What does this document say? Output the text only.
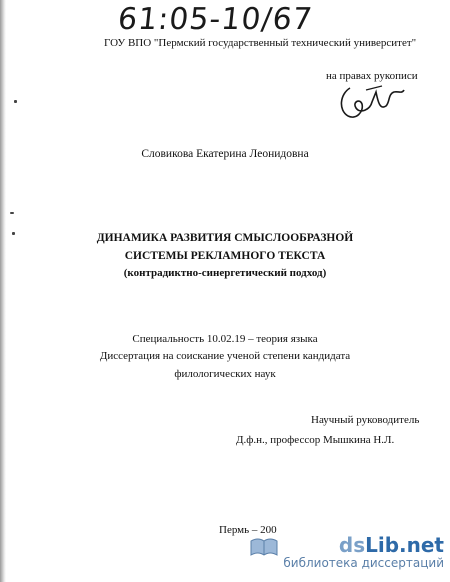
61:05-10/67
ГОУ ВПО "Пермский государственный технический университет"
на правах рукописи
Словикова Екатерина Леонидовна
ДИНАМИКА РАЗВИТИЯ СМЫСЛООБРАЗНОЙ
СИСТЕМЫ РЕКЛАМНОГО ТЕКСТА
(контрадиктно-синергетический подход)
Специальность 10.02.19 – теория языка
Диссертация на соискание ученой степени кандидата
филологических наук
Научный руководитель
Д.ф.н., профессор Мышкина Н.Л.
Пермь – 200
dsLib.net
библиотека диссертаций
